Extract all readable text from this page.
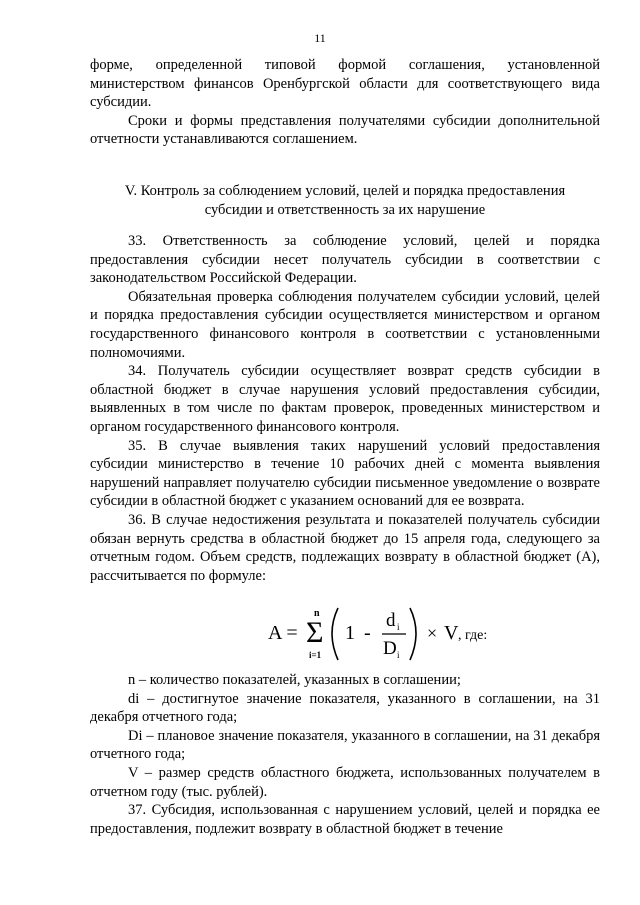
11

форме, определенной типовой формой соглашения, установленной министерством финансов Оренбургской области для соответствующего вида субсидии.

Сроки и формы представления получателями субсидии дополнительной отчетности устанавливаются соглашением.

V. Контроль за соблюдением условий, целей и порядка предоставления
субсидии и ответственность за их нарушение

33. Ответственность за соблюдение условий, целей и порядка предоставления субсидии несет получатель субсидии в соответствии с законодательством Российской Федерации.

Обязательная проверка соблюдения получателем субсидии условий, целей и порядка предоставления субсидии осуществляется министерством и органом государственного финансового контроля в соответствии с установленными полномочиями.

34. Получатель субсидии осуществляет возврат средств субсидии в областной бюджет в случае нарушения условий предоставления субсидии, выявленных в том числе по фактам проверок, проведенных министерством и органом государственного финансового контроля.

35. В случае выявления таких нарушений условий предоставления субсидии министерство в течение 10 рабочих дней с момента выявления нарушений направляет получателю субсидии письменное уведомление о возврате субсидии в областной бюджет с указанием оснований для ее возврата.

36. В случае недостижения результата и показателей получатель субсидии обязан вернуть средства в областной бюджет до 15 апреля года, следующего за отчетным годом. Объем средств, подлежащих возврату в областной бюджет (А), рассчитывается по формуле:

A =
n
Σ
i=1
1 -
d i
D i
× V , где:

n – количество показателей, указанных в соглашении;

di – достигнутое значение показателя, указанного в соглашении, на 31 декабря отчетного года;

Di – плановое значение показателя, указанного в соглашении, на 31 декабря отчетного года;

V – размер средств областного бюджета, использованных получателем в отчетном году (тыс. рублей).

37. Субсидия, использованная с нарушением условий, целей и порядка ее предоставления, подлежит возврату в областной бюджет в течение
